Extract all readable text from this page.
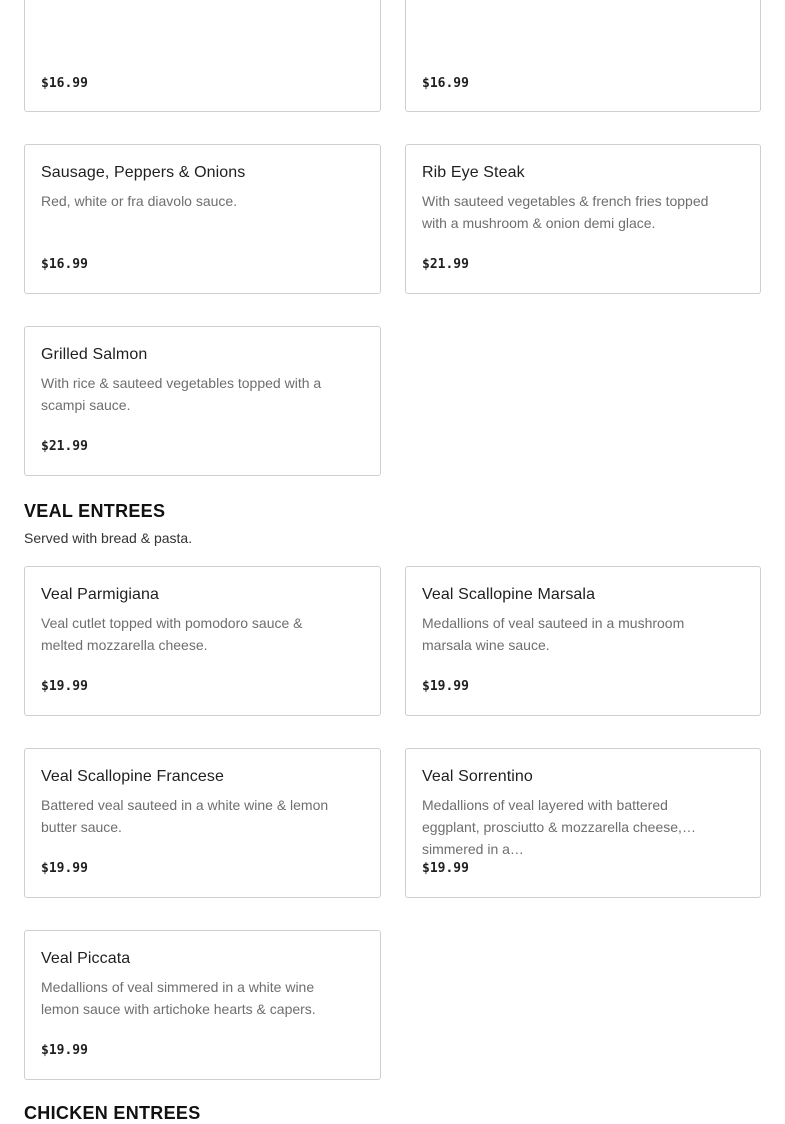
$16.99	$16.99
Sausage, Peppers & Onions
Red, white or fra diavolo sauce.
$16.99
Rib Eye Steak
With sauteed vegetables & french fries topped with a mushroom & onion demi glace.
$21.99
Grilled Salmon
With rice & sauteed vegetables topped with a scampi sauce.
$21.99
VEAL ENTREES

Served with bread & pasta.

Veal Parmigiana
Veal cutlet topped with pomodoro sauce & melted mozzarella cheese.
$19.99
Veal Scallopine Marsala
Medallions of veal sauteed in a mushroom marsala wine sauce.
$19.99
Veal Scallopine Francese
Battered veal sauteed in a white wine & lemon butter sauce.
$19.99
Veal Sorrentino
Medallions of veal layered with battered eggplant, prosciutto & mozzarella cheese, simmered in a…
$19.99
Veal Piccata
Medallions of veal simmered in a white wine lemon sauce with artichoke hearts & capers.
$19.99
CHICKEN ENTREES
